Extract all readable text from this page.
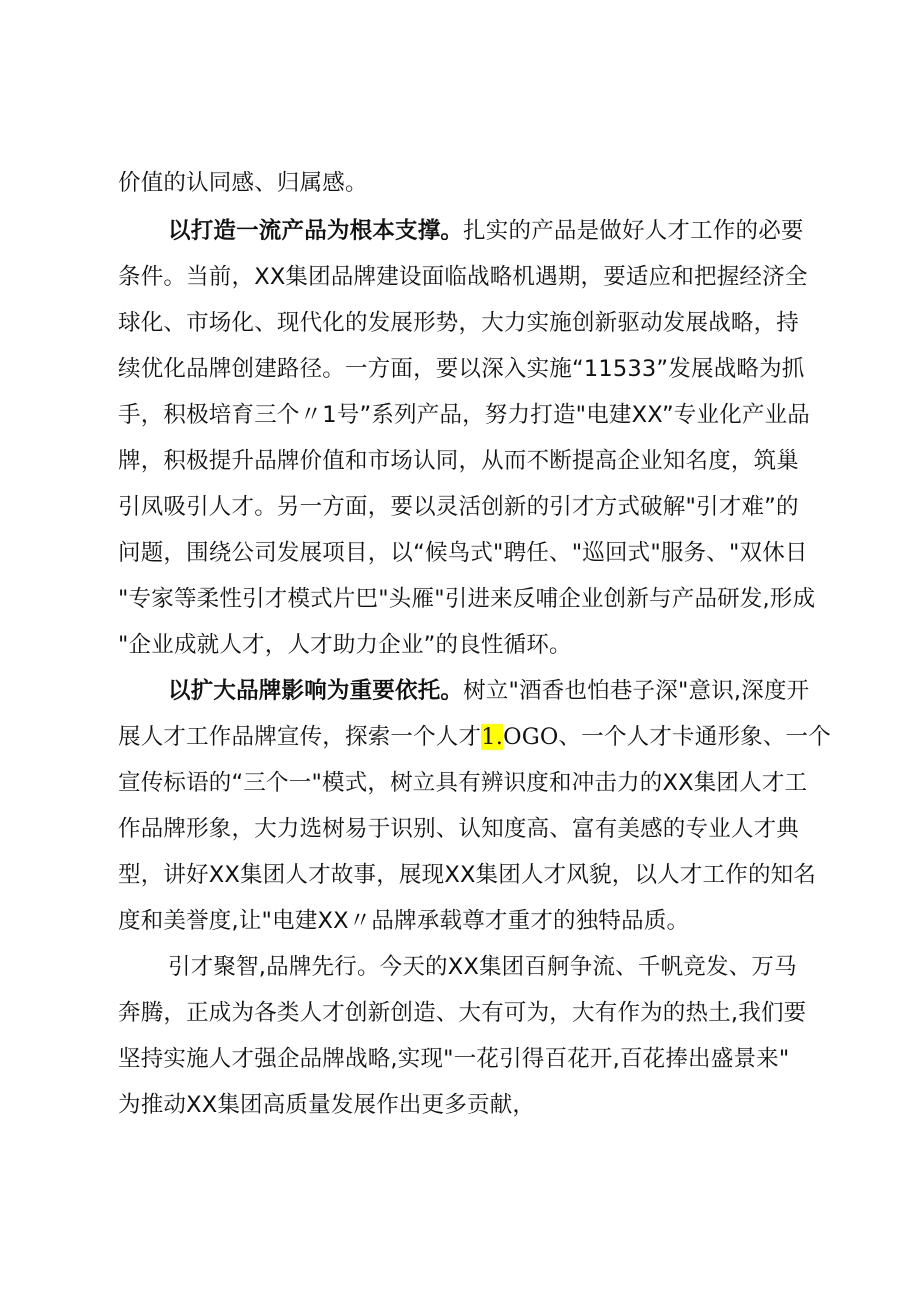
价值的认同感、归属感。
以打造一流产品为根本支撑。扎实的产品是做好人才工作的必要
条件。当前，XX集团品牌建设面临战略机遇期，要适应和把握经济全
球化、市场化、现代化的发展形势，大力实施创新驱动发展战略，持
续优化品牌创建路径。一方面，要以深入实施“11533”发展战略为抓
手，积极培育三个〃1号”系列产品，努力打造"电建XX”专业化产业品
牌，积极提升品牌价值和市场认同，从而不断提高企业知名度，筑巢
引凤吸引人才。另一方面，要以灵活创新的引才方式破解"引才难”的
问题，围绕公司发展项目，以“候鸟式"聘任、"巡回式"服务、"双休日
"专家等柔性引才模式片巴"头雁"引进来反哺企业创新与产品研发,形成
"企业成就人才，人才助力企业”的良性循环。
以扩大品牌影响为重要依托。树立"酒香也怕巷子深"意识,深度开
展人才工作品牌宣传，探索一个人才1.OGO、一个人才卡通形象、一个
宣传标语的“三个一"模式，树立具有辨识度和冲击力的XX集团人才工
作品牌形象，大力选树易于识别、认知度高、富有美感的专业人才典
型，讲好XX集团人才故事，展现XX集团人才风貌，以人才工作的知名
度和美誉度,让"电建XX〃品牌承载尊才重才的独特品质。
引才聚智,品牌先行。今天的XX集团百舸争流、千帆竞发、万马
奔腾，正成为各类人才创新创造、大有可为，大有作为的热土,我们要
坚持实施人才强企品牌战略,实现"一花引得百花开,百花捧出盛景来"
为推动XX集团高质量发展作出更多贡献，
